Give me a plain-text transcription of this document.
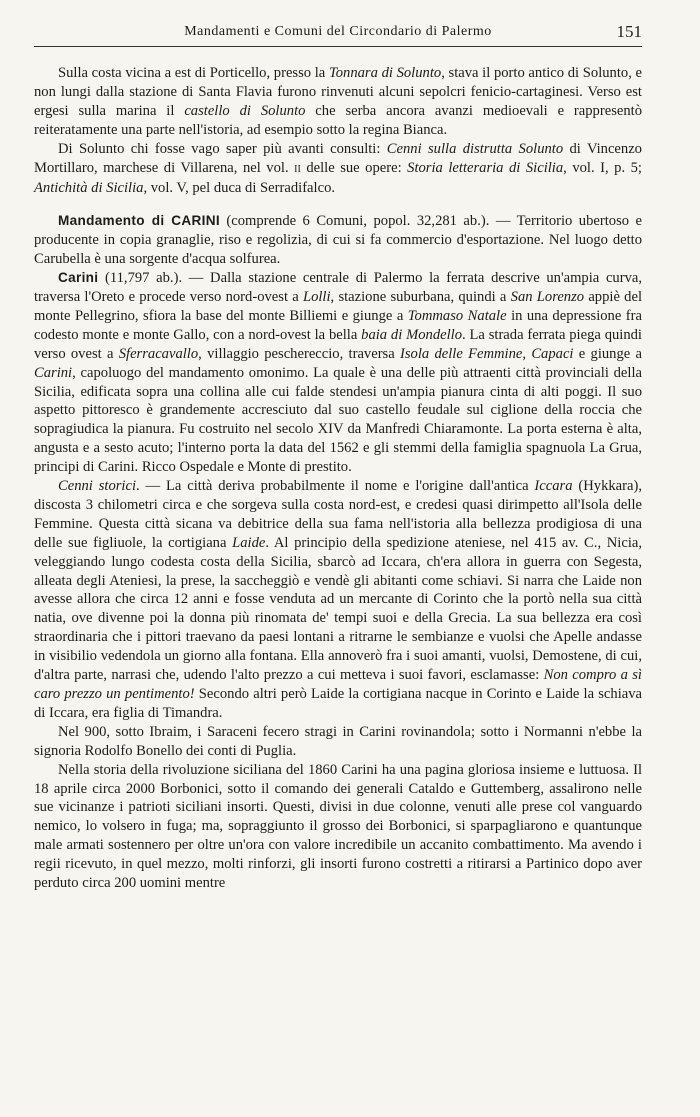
Mandamenti e Comuni del Circondario di Palermo	151

Sulla costa vicina a est di Porticello, presso la Tonnara di Solunto, stava il porto antico di Solunto, e non lungi dalla stazione di Santa Flavia furono rinvenuti alcuni sepolcri fenicio-cartaginesi. Verso est ergesi sulla marina il castello di Solunto che serba ancora avanzi medioevali e rappresentò reiteratamente una parte nell'istoria, ad esempio sotto la regina Bianca.

Di Solunto chi fosse vago saper più avanti consulti: Cenni sulla distrutta Solunto di Vincenzo Mortillaro, marchese di Villarena, nel vol. II delle sue opere: Storia letteraria di Sicilia, vol. I, p. 5; Antichità di Sicilia, vol. V, pel duca di Serradifalco.

Mandamento di CARINI (comprende 6 Comuni, popol. 32,281 ab.). — Territorio ubertoso e producente in copia granaglie, riso e regolizia, di cui si fa commercio d'esportazione. Nel luogo detto Carubella è una sorgente d'acqua solfurea.

Carini (11,797 ab.). — Dalla stazione centrale di Palermo la ferrata descrive un'ampia curva, traversa l'Oreto e procede verso nord-ovest a Lolli, stazione suburbana, quindi a San Lorenzo appiè del monte Pellegrino, sfiora la base del monte Billiemi e giunge a Tommaso Natale in una depressione fra codesto monte e monte Gallo, con a nord-ovest la bella baia di Mondello. La strada ferrata piega quindi verso ovest a Sferracavallo, villaggio peschereccio, traversa Isola delle Femmine, Capaci e giunge a Carini, capoluogo del mandamento omonimo. La quale è una delle più attraenti città provinciali della Sicilia, edificata sopra una collina alle cui falde stendesi un'ampia pianura cinta di alti poggi. Il suo aspetto pittoresco è grandemente accresciuto dal suo castello feudale sul ciglione della roccia che sopragiudica la pianura. Fu costruito nel secolo XIV da Manfredi Chiaramonte. La porta esterna è alta, angusta e a sesto acuto; l'interno porta la data del 1562 e gli stemmi della famiglia spagnuola La Grua, principi di Carini. Ricco Ospedale e Monte di prestito.

Cenni storici. — La città deriva probabilmente il nome e l'origine dall'antica Iccara (Hykkara), discosta 3 chilometri circa e che sorgeva sulla costa nord-est, e credesi quasi dirimpetto all'Isola delle Femmine. Questa città sicana va debitrice della sua fama nell'istoria alla bellezza prodigiosa di una delle sue figliuole, la cortigiana Laide. Al principio della spedizione ateniese, nel 415 av. C., Nicia, veleggiando lungo codesta costa della Sicilia, sbarcò ad Iccara, ch'era allora in guerra con Segesta, alleata degli Ateniesi, la prese, la saccheggiò e vendè gli abitanti come schiavi. Si narra che Laide non avesse allora che circa 12 anni e fosse venduta ad un mercante di Corinto che la portò nella sua città natia, ove divenne poi la donna più rinomata de' tempi suoi e della Grecia. La sua bellezza era così straordinaria che i pittori traevano da paesi lontani a ritrarne le sembianze e vuolsi che Apelle andasse in visibilio vedendola un giorno alla fontana. Ella annoverò fra i suoi amanti, vuolsi, Demostene, di cui, d'altra parte, narrasi che, udendo l'alto prezzo a cui metteva i suoi favori, esclamasse: Non compro a sì caro prezzo un pentimento! Secondo altri però Laide la cortigiana nacque in Corinto e Laide la schiava di Iccara, era figlia di Timandra.

Nel 900, sotto Ibraim, i Saraceni fecero stragi in Carini rovinandola; sotto i Normanni n'ebbe la signoria Rodolfo Bonello dei conti di Puglia.

Nella storia della rivoluzione siciliana del 1860 Carini ha una pagina gloriosa insieme e luttuosa. Il 18 aprile circa 2000 Borbonici, sotto il comando dei generali Cataldo e Guttemberg, assalirono nelle sue vicinanze i patrioti siciliani insorti. Questi, divisi in due colonne, venuti alle prese col vanguardo nemico, lo volsero in fuga; ma, sopraggiunto il grosso dei Borbonici, si sparpagliarono e quantunque male armati sostennero per oltre un'ora con valore incredibile un accanito combattimento. Ma avendo i regii ricevuto, in quel mezzo, molti rinforzi, gli insorti furono costretti a ritirarsi a Partinico dopo aver perduto circa 200 uomini mentre
